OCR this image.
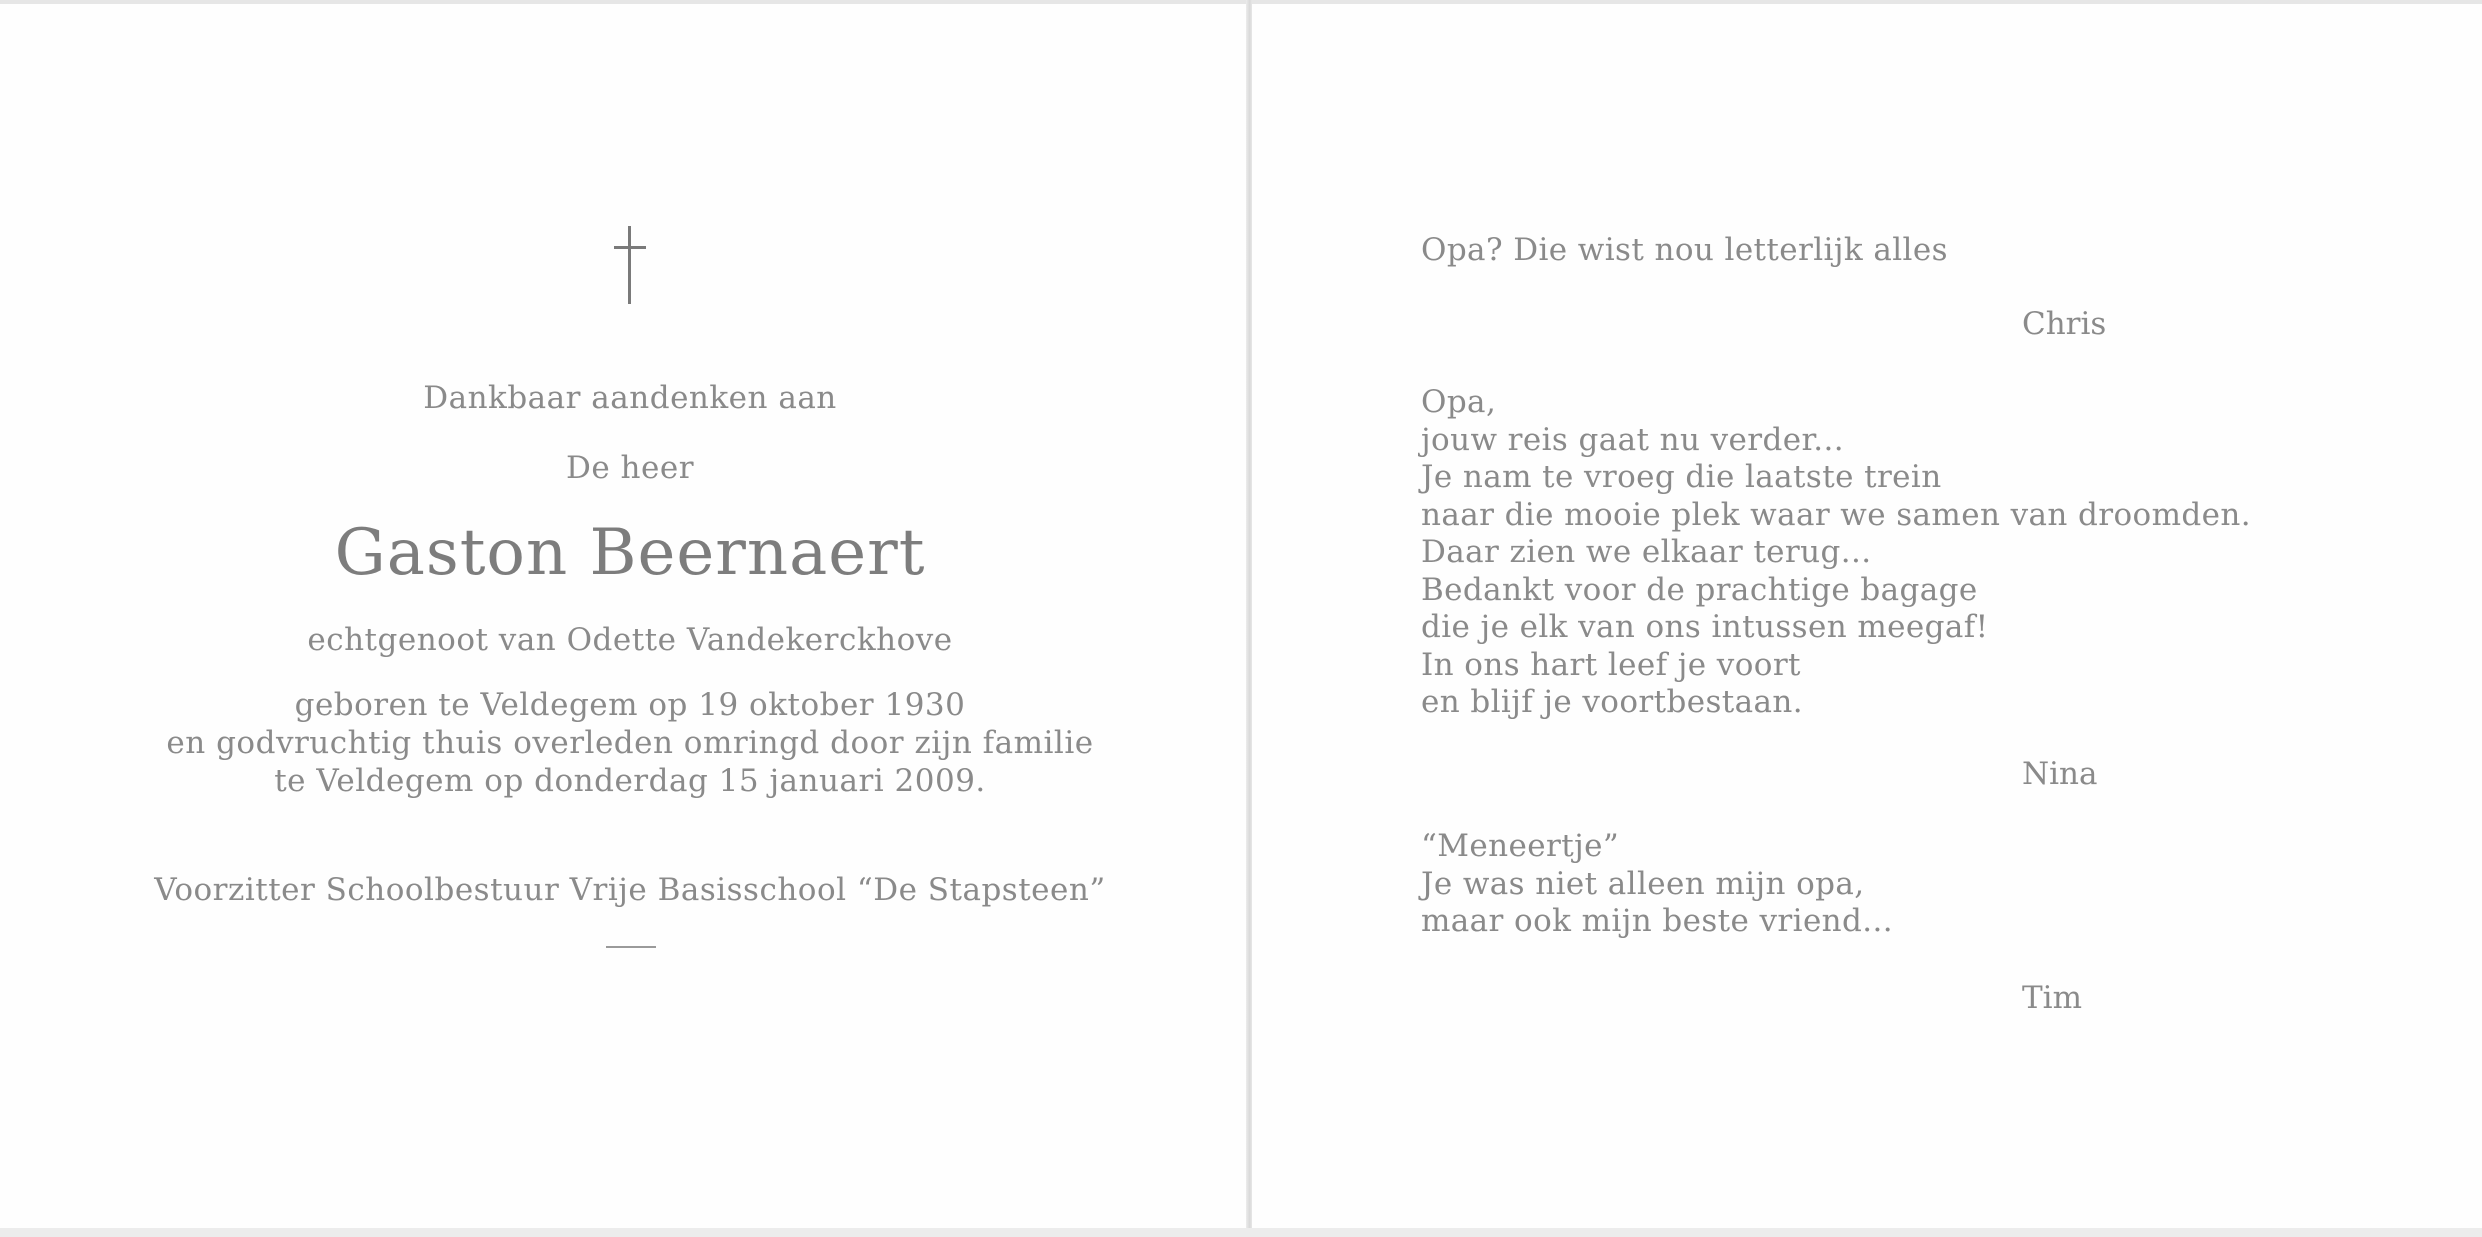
Dankbaar aandenken aan
De heer
Gaston Beernaert
echtgenoot van Odette Vandekerckhove
geboren te Veldegem op 19 oktober 1930
en godvruchtig thuis overleden omringd door zijn familie
te Veldegem op donderdag 15 januari 2009.
Voorzitter Schoolbestuur Vrije Basisschool “De Stapsteen”
Opa? Die wist nou letterlijk alles
Chris
Opa,
jouw reis gaat nu verder...
Je nam te vroeg die laatste trein
naar die mooie plek waar we samen van droomden.
Daar zien we elkaar terug...
Bedankt voor de prachtige bagage
die je elk van ons intussen meegaf!
In ons hart leef je voort
en blijf je voortbestaan.
Nina
“Meneertje”
Je was niet alleen mijn opa,
maar ook mijn beste vriend...
Tim
